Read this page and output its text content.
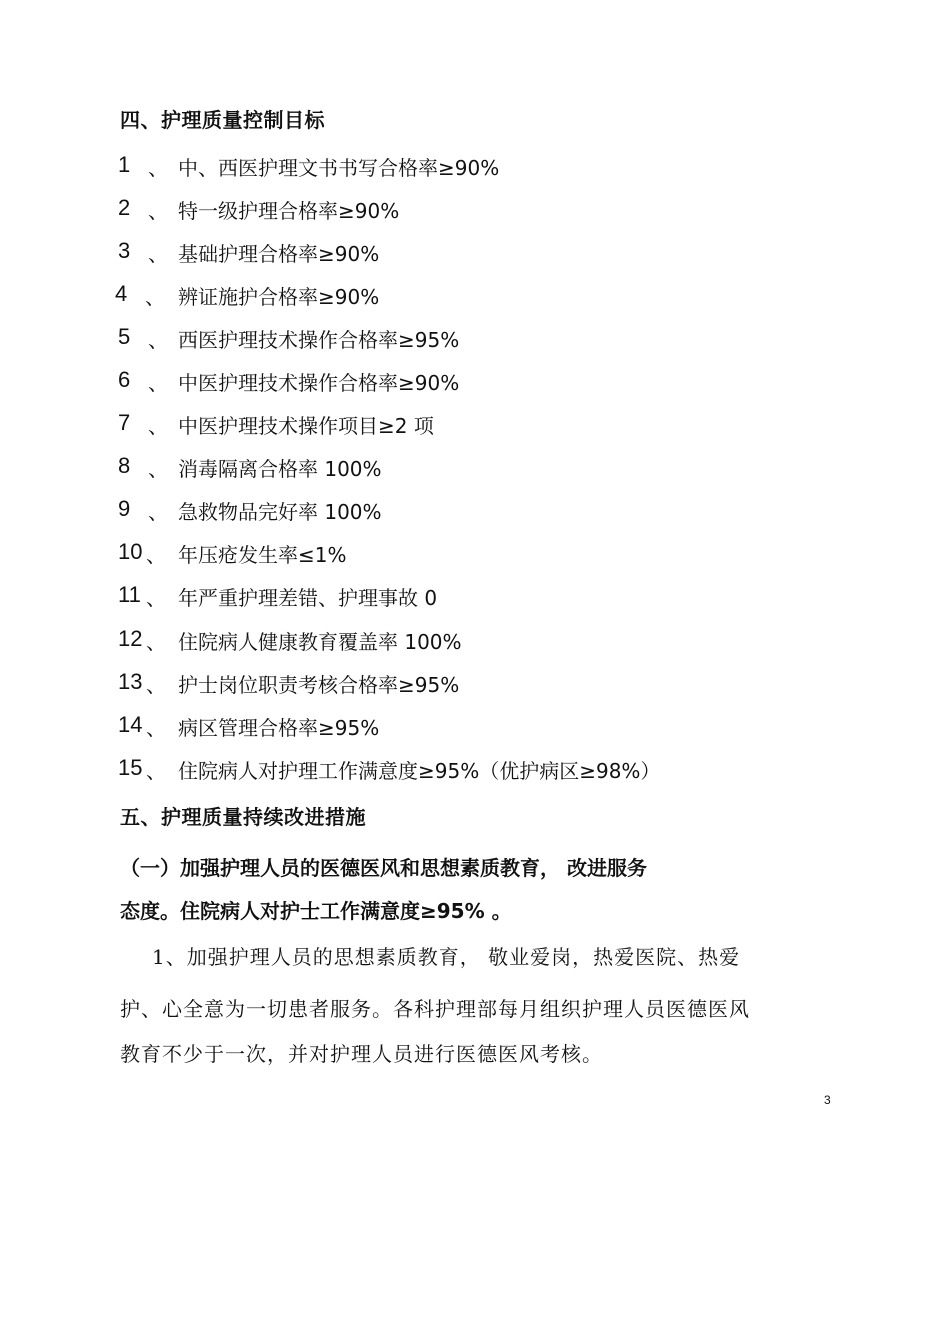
四、护理质量控制目标
1 、 中、西医护理文书书写合格率≥90%
2 、 特一级护理合格率≥90%
3 、 基础护理合格率≥90%
4 、 辨证施护合格率≥90%
5 、 西医护理技术操作合格率≥95%
6 、 中医护理技术操作合格率≥90%
7 、 中医护理技术操作项目≥2 项
8 、 消毒隔离合格率 100%
9 、 急救物品完好率 100%
10 、 年压疮发生率≤1%
11 、 年严重护理差错、护理事故 0
12 、 住院病人健康教育覆盖率 100%
13 、 护士岗位职责考核合格率≥95%
14 、 病区管理合格率≥95%
15 、 住院病人对护理工作满意度≥95%（优护病区≥98%）
五、护理质量持续改进措施
（一）加强护理人员的医德医风和思想素质教育， 改进服务
态度。住院病人对护士工作满意度≥95% 。
1、加强护理人员的思想素质教育， 敬业爱岗，热爱医院、热爱
护、心全意为一切患者服务。各科护理部每月组织护理人员医德医风
教育不少于一次，并对护理人员进行医德医风考核。
3
